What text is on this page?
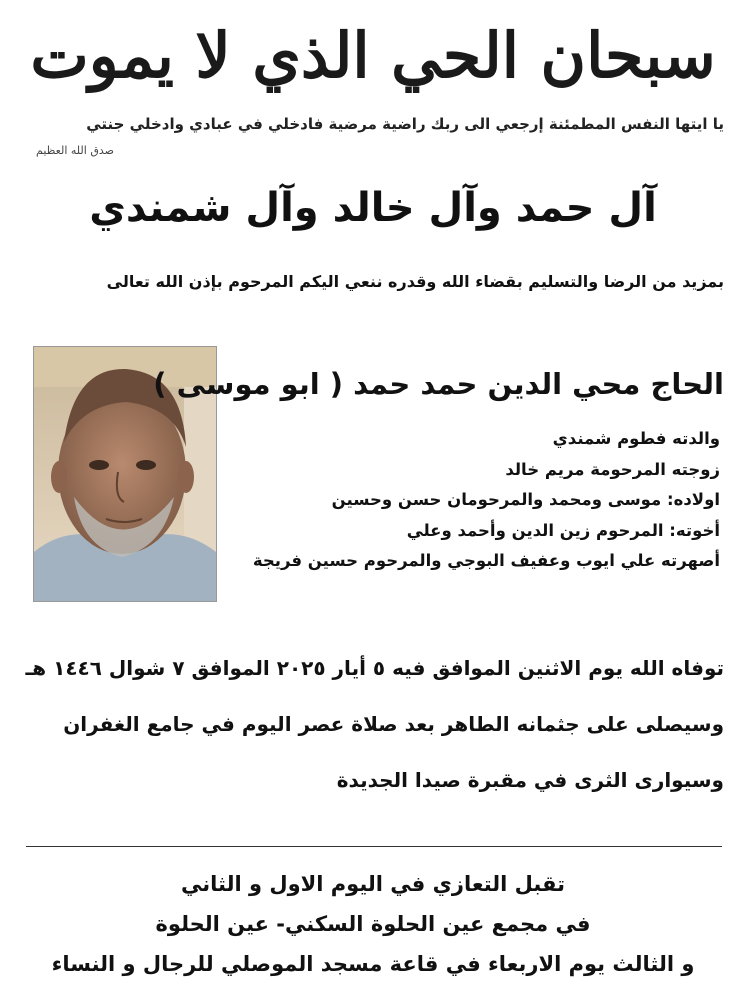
سبحان الحي الذي لا يموت
يا ايتها النفس المطمئنة إرجعي الى ربك راضية مرضية فادخلي في عبادي وادخلي جنتي
صدق الله العظيم
آل حمد وآل خالد وآل شمندي
بمزيد من الرضا والتسليم بقضاء الله وقدره ننعي اليكم المرحوم بإذن الله تعالى
الحاج محي الدين حمد حمد ( ابو موسى )
والدته فطوم شمندي
زوجته المرحومة مريم خالد
اولاده: موسى ومحمد والمرحومان حسن وحسين
أخوته: المرحوم زين الدين وأحمد وعلي
أصهرته علي ايوب وعفيف البوجي والمرحوم حسين فريجة
توفاه الله يوم الاثنين الموافق فيه ٥ أيار ٢٠٢٥ الموافق ٧ شوال ١٤٤٦ هـ
وسيصلى على جثمانه الطاهر بعد صلاة عصر اليوم في جامع الغفران
وسيوارى الثرى في مقبرة صيدا الجديدة
تقبل التعازي في اليوم الاول و الثاني
في مجمع عين الحلوة السكني- عين الحلوة
و الثالث يوم الاربعاء في قاعة مسجد الموصلي للرجال و النساء
